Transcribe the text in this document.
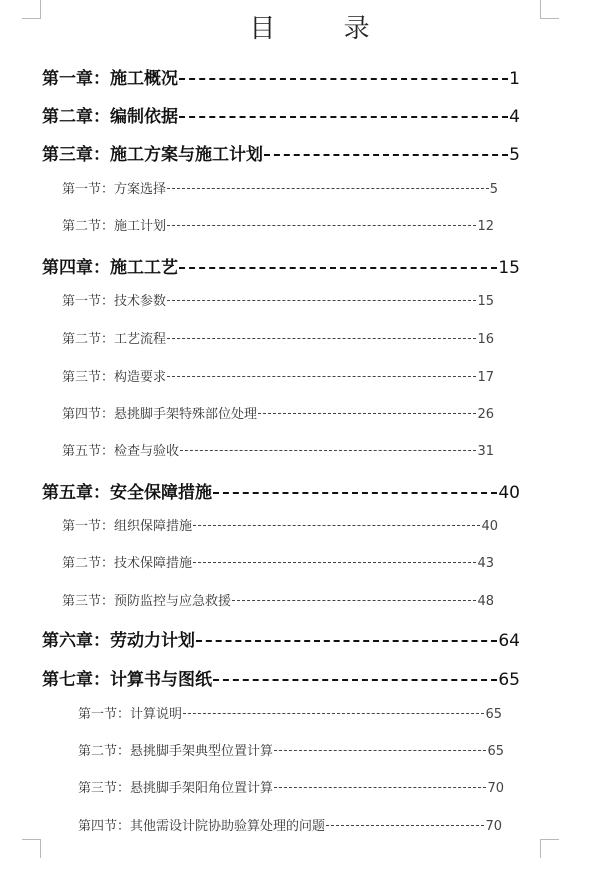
目 录
第一章：施工概况	1
第二章：编制依据	4
第三章：施工方案与施工计划	5
第一节：方案选择	5
第二节：施工计划	12
第四章：施工工艺	15
第一节：技术参数	15
第二节：工艺流程	16
第三节：构造要求	17
第四节：悬挑脚手架特殊部位处理	26
第五节：检查与验收	31
第五章：安全保障措施	40
第一节：组织保障措施	40
第二节：技术保障措施	43
第三节：预防监控与应急救援	48
第六章：劳动力计划	64
第七章：计算书与图纸	65
第一节：计算说明	65
第二节：悬挑脚手架典型位置计算	65
第三节：悬挑脚手架阳角位置计算	70
第四节：其他需设计院协助验算处理的问题	70
